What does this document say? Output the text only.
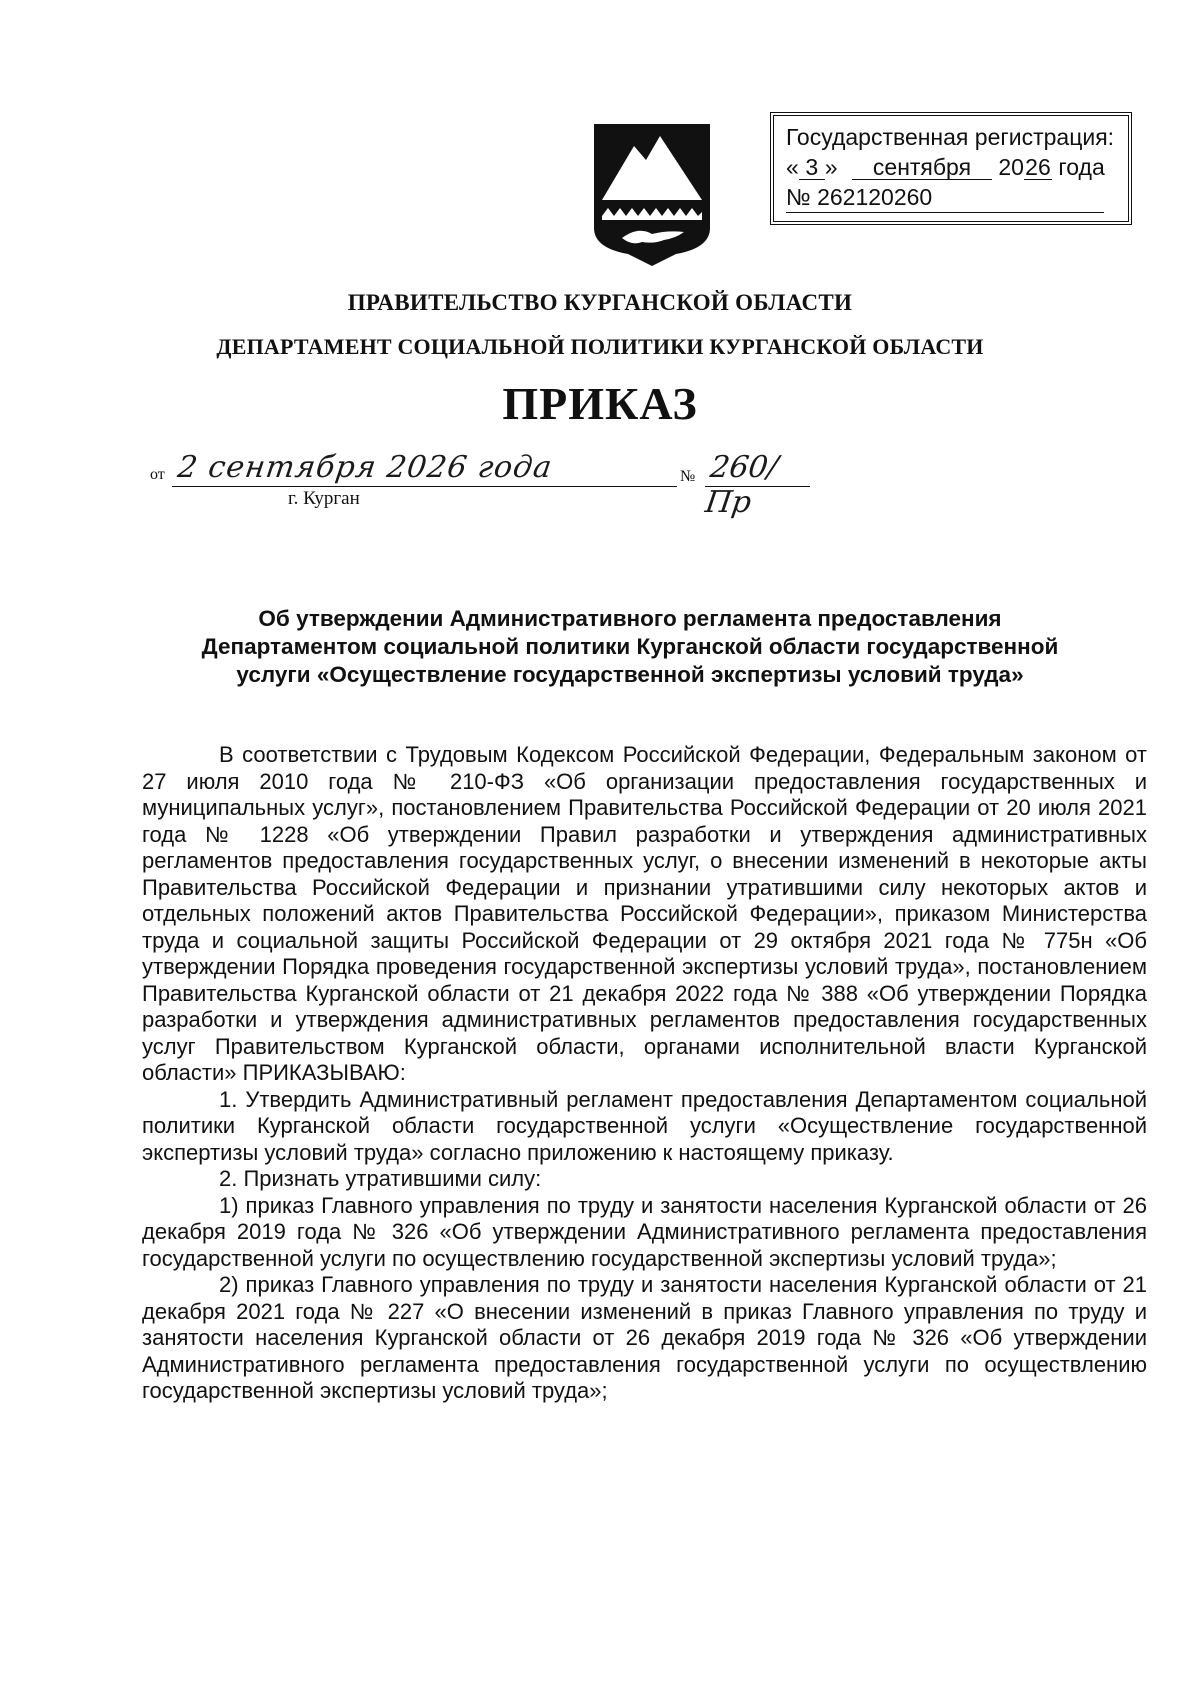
Государственная регистрация:
« 3 » сентября 2026 года
№ 262120260
ПРАВИТЕЛЬСТВО КУРГАНСКОЙ ОБЛАСТИ
ДЕПАРТАМЕНТ СОЦИАЛЬНОЙ ПОЛИТИКИ КУРГАНСКОЙ ОБЛАСТИ
ПРИКАЗ
от 2 сентября 2026 года	№ 260/Пр
г. Курган
Об утверждении Административного регламента предоставления
Департаментом социальной политики Курганской области государственной
услуги «Осуществление государственной экспертизы условий труда»

В соответствии с Трудовым Кодексом Российской Федерации, Федеральным законом от 27 июля 2010 года № 210-ФЗ «Об организации предоставления государственных и муниципальных услуг», постановлением Правительства Российской Федерации от 20 июля 2021 года № 1228 «Об утверждении Правил разработки и утверждения административных регламентов предоставления государственных услуг, о внесении изменений в некоторые акты Правительства Российской Федерации и признании утратившими силу некоторых актов и отдельных положений актов Правительства Российской Федерации», приказом Министерства труда и социальной защиты Российской Федерации от 29 октября 2021 года № 775н «Об утверждении Порядка проведения государственной экспертизы условий труда», постановлением Правительства Курганской области от 21 декабря 2022 года № 388 «Об утверждении Порядка разработки и утверждения административных регламентов предоставления государственных услуг Правительством Курганской области, органами исполнительной власти Курганской области» ПРИКАЗЫВАЮ:

1. Утвердить Административный регламент предоставления Департаментом социальной политики Курганской области государственной услуги «Осуществление государственной экспертизы условий труда» согласно приложению к настоящему приказу.

2. Признать утратившими силу:

1) приказ Главного управления по труду и занятости населения Курганской области от 26 декабря 2019 года № 326 «Об утверждении Административного регламента предоставления государственной услуги по осуществлению государственной экспертизы условий труда»;

2) приказ Главного управления по труду и занятости населения Курганской области от 21 декабря 2021 года № 227 «О внесении изменений в приказ Главного управления по труду и занятости населения Курганской области от 26 декабря 2019 года № 326 «Об утверждении Административного регламента предоставления государственной услуги по осуществлению государственной экспертизы условий труда»;
